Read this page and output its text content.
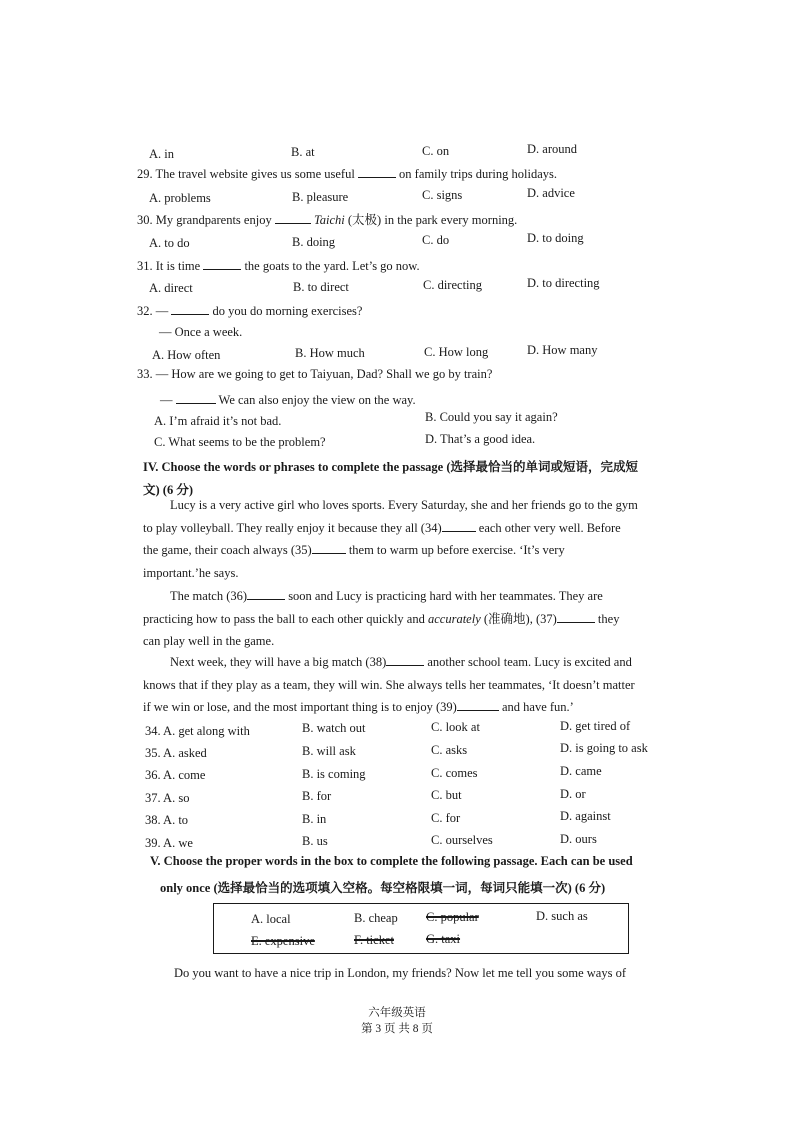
A. in	B. at	C. on	D. around
29. The travel website gives us some useful	on family trips during holidays.
A. problems	B. pleasure	C. signs	D. advice
30. My grandparents enjoy	Taichi (太极) in the park every morning.
A. to do	B. doing	C. do	D. to doing
31. It is time	the goats to the yard. Let’s go now.
A. direct	B. to direct	C. directing	D. to directing
32. —	do you do morning exercises?
— Once a week.
A. How often	B. How much	C. How long	D. How many
33. — How are we going to get to Taiyuan, Dad? Shall we go by train?
—	We can also enjoy the view on the way.
A. I’m afraid it’s not bad.	B. Could you say it again?
C. What seems to be the problem?	D. That’s a good idea.
IV. Choose the words or phrases to complete the passage (选择最恰当的单词或短语，完成短
文) (6 分)
Lucy is a very active girl who loves sports. Every Saturday, she and her friends go to the gym
to play volleyball. They really enjoy it because they all (34)	each other very well. Before
the game, their coach always (35)	them to warm up before exercise. ‘It’s very
important.’he says.
The match (36)	soon and Lucy is practicing hard with her teammates. They are
practicing how to pass the ball to each other quickly and accurately (准确地), (37)	they
can play well in the game.
Next week, they will have a big match (38)	another school team. Lucy is excited and
knows that if they play as a team, they will win. She always tells her teammates, ‘It doesn’t matter
if we win or lose, and the most important thing is to enjoy (39)	and have fun.’
34. A. get along with	B. watch out	C. look at	D. get tired of
35. A. asked	B. will ask	C. asks	D. is going to ask
36. A. come	B. is coming	C. comes	D. came
37. A. so	B. for	C. but	D. or
38. A. to	B. in	C. for	D. against
39. A. we	B. us	C. ourselves	D. ours
V. Choose the proper words in the box to complete the following passage. Each can be used
only once (选择最恰当的选项填入空格。每空格限填一词，每词只能填一次) (6 分)
A. local	B. cheap C. popular	D. such as
E. expensive	F. ticket	G. taxi
Do you want to have a nice trip in London, my friends? Now let me tell you some ways of
六年级英语
第 3 页 共 8 页
